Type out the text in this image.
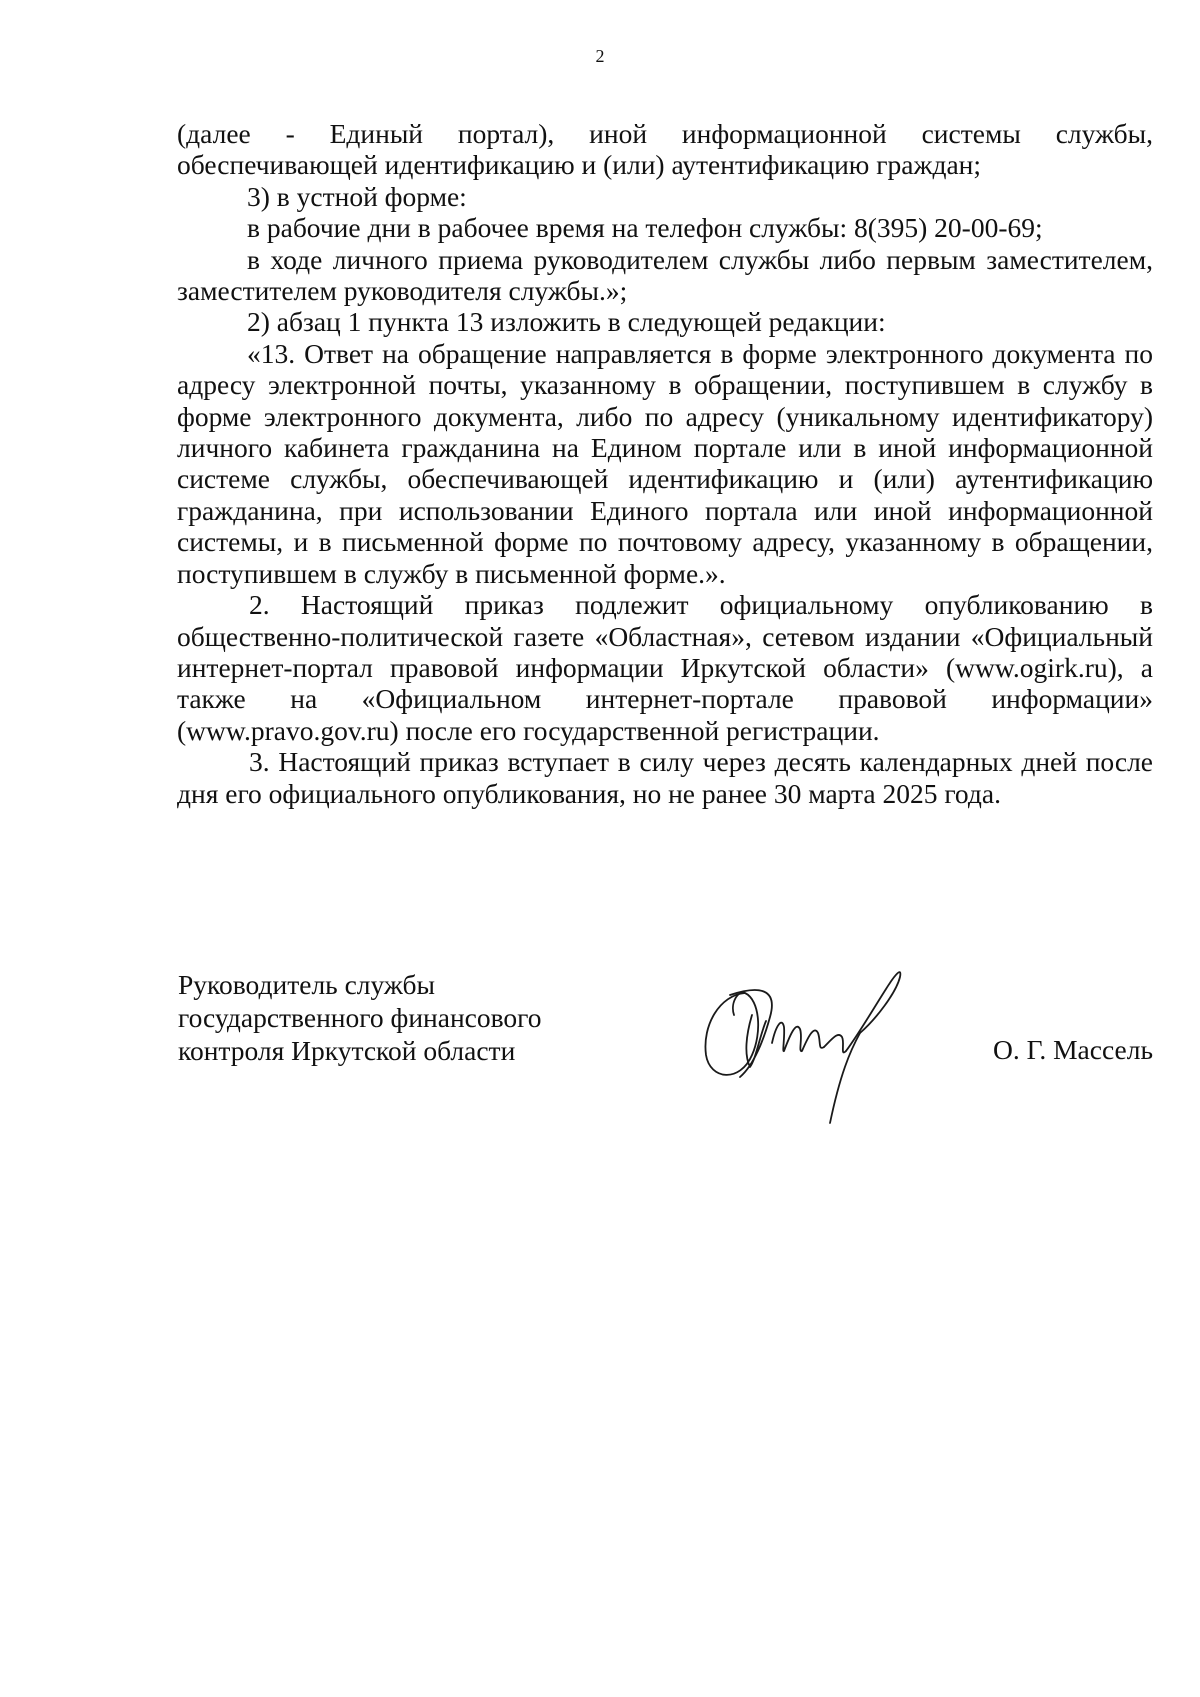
2

(далее - Единый портал), иной информационной системы службы, обеспечивающей идентификацию и (или) аутентификацию граждан;

3) в устной форме:

в рабочие дни в рабочее время на телефон службы: 8(395) 20-00-69;

в ходе личного приема руководителем службы либо первым заместителем, заместителем руководителя службы.»;

2) абзац 1 пункта 13 изложить в следующей редакции:

«13. Ответ на обращение направляется в форме электронного документа по адресу электронной почты, указанному в обращении, поступившем в службу в форме электронного документа, либо по адресу (уникальному идентификатору) личного кабинета гражданина на Едином портале или в иной информационной системе службы, обеспечивающей идентификацию и (или) аутентификацию гражданина, при использовании Единого портала или иной информационной системы, и в письменной форме по почтовому адресу, указанному в обращении, поступившем в службу в письменной форме.».

2. Настоящий приказ подлежит официальному опубликованию в общественно-политической газете «Областная», сетевом издании «Официальный интернет-портал правовой информации Иркутской области» (www.ogirk.ru), а также на «Официальном интернет-портале правовой информации» (www.pravo.gov.ru) после его государственной регистрации.

3. Настоящий приказ вступает в силу через десять календарных дней после дня его официального опубликования, но не ранее 30 марта 2025 года.

Руководитель службы
государственного финансового
контроля Иркутской области	О. Г. Массель
